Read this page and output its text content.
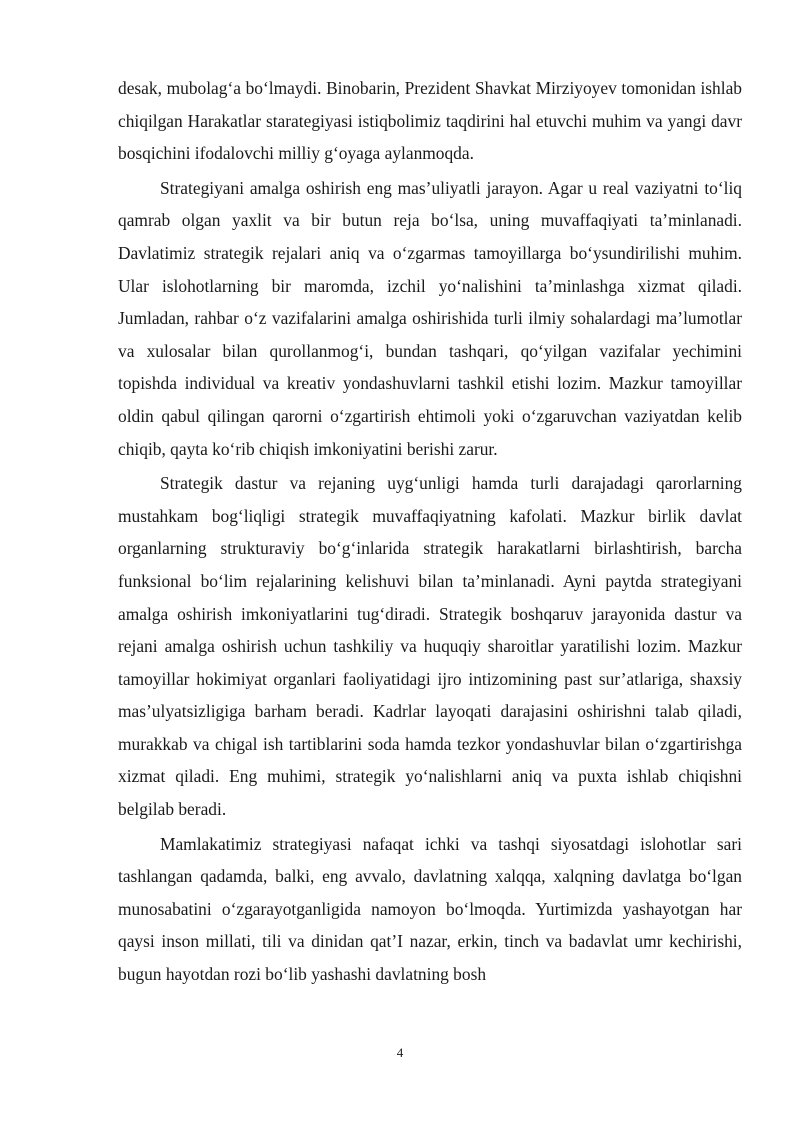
desak, mubolag‘a bo‘lmaydi. Binobarin, Prezident Shavkat Mirziyoyev tomonidan ishlab chiqilgan Harakatlar starategiyasi istiqbolimiz taqdirini hal etuvchi muhim va yangi davr bosqichini ifodalovchi milliy g‘oyaga aylanmoqda.

Strategiyani amalga oshirish eng mas’uliyatli jarayon. Agar u real vaziyatni to‘liq qamrab olgan yaxlit va bir butun reja bo‘lsa, uning muvaffaqiyati ta’minlanadi. Davlatimiz strategik rejalari aniq va o‘zgarmas tamoyillarga bo‘ysundirilishi muhim. Ular islohotlarning bir maromda, izchil yo‘nalishini ta’minlashga xizmat qiladi. Jumladan, rahbar o‘z vazifalarini amalga oshirishida turli ilmiy sohalardagi ma’lumotlar va xulosalar bilan qurollanmog‘i, bundan tashqari, qo‘yilgan vazifalar yechimini topishda individual va kreativ yondashuvlarni tashkil etishi lozim. Mazkur tamoyillar oldin qabul qilingan qarorni o‘zgartirish ehtimoli yoki o‘zgaruvchan vaziyatdan kelib chiqib, qayta ko‘rib chiqish imkoniyatini berishi zarur.

Strategik dastur va rejaning uyg‘unligi hamda turli darajadagi qarorlarning mustahkam bog‘liqligi strategik muvaffaqiyatning kafolati. Mazkur birlik davlat organlarning strukturaviy bo‘g‘inlarida strategik harakatlarni birlashtirish, barcha funksional bo‘lim rejalarining kelishuvi bilan ta’minlanadi. Ayni paytda strategiyani amalga oshirish imkoniyatlarini tug‘diradi. Strategik boshqaruv jarayonida dastur va rejani amalga oshirish uchun tashkiliy va huquqiy sharoitlar yaratilishi lozim. Mazkur tamoyillar hokimiyat organlari faoliyatidagi ijro intizomining past sur’atlariga, shaxsiy mas’ulyatsizligiga barham beradi. Kadrlar layoqati darajasini oshirishni talab qiladi, murakkab va chigal ish tartiblarini soda hamda tezkor yondashuvlar bilan o‘zgartirishga xizmat qiladi. Eng muhimi, strategik yo‘nalishlarni aniq va puxta ishlab chiqishni belgilab beradi.

Mamlakatimiz strategiyasi nafaqat ichki va tashqi siyosatdagi islohotlar sari tashlangan qadamda, balki, eng avvalo, davlatning xalqqa, xalqning davlatga bo‘lgan munosabatini o‘zgarayotganligida namoyon bo‘lmoqda. Yurtimizda yashayotgan har qaysi inson millati, tili va dinidan qat’I nazar, erkin, tinch va badavlat umr kechirishi, bugun hayotdan rozi bo‘lib yashashi davlatning bosh

4
